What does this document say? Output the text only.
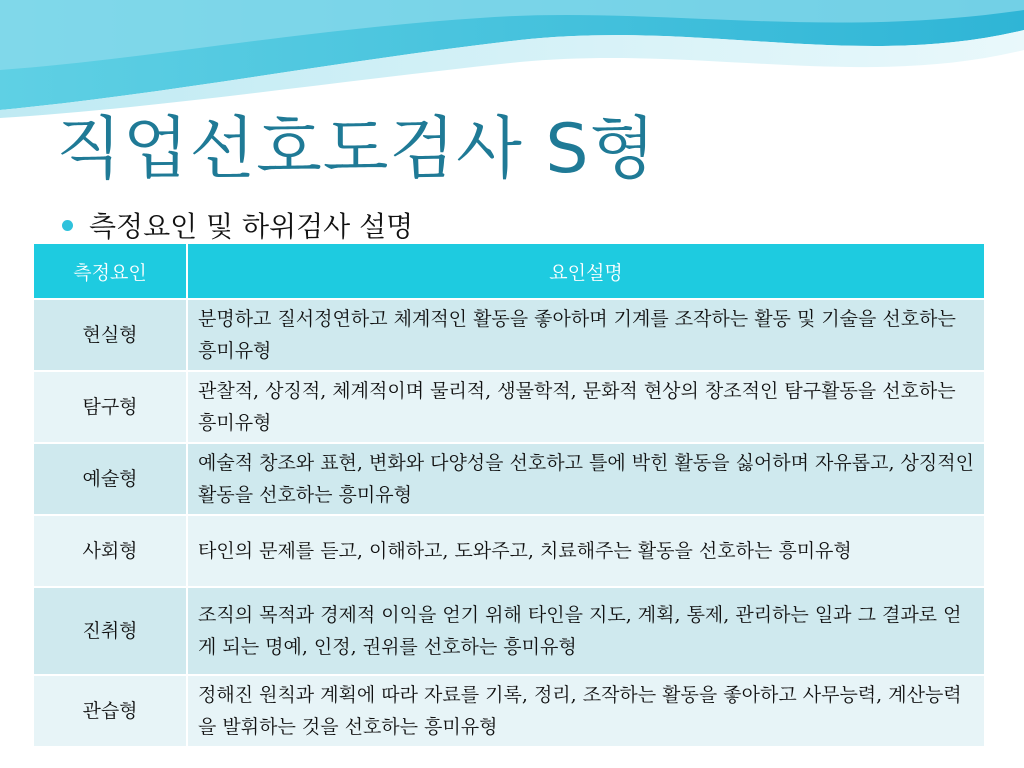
직업선호도검사 S형
측정요인 및 하위검사 설명
측정요인	요인설명
현실형	분명하고 질서정연하고 체계적인 활동을 좋아하며 기계를 조작하는 활동 및 기술을 선호하는 흥미유형
탐구형	관찰적, 상징적, 체계적이며 물리적, 생물학적, 문화적 현상의 창조적인 탐구활동을 선호하는 흥미유형
예술형	예술적 창조와 표현, 변화와 다양성을 선호하고 틀에 박힌 활동을 싫어하며 자유롭고, 상징적인 활동을 선호하는 흥미유형
사회형	타인의 문제를 듣고, 이해하고, 도와주고, 치료해주는 활동을 선호하는 흥미유형
진취형	조직의 목적과 경제적 이익을 얻기 위해 타인을 지도, 계획, 통제, 관리하는 일과 그 결과로 얻게 되는 명예, 인정, 권위를 선호하는 흥미유형
관습형	정해진 원칙과 계획에 따라 자료를 기록, 정리, 조작하는 활동을 좋아하고 사무능력, 계산능력을 발휘하는 것을 선호하는 흥미유형
